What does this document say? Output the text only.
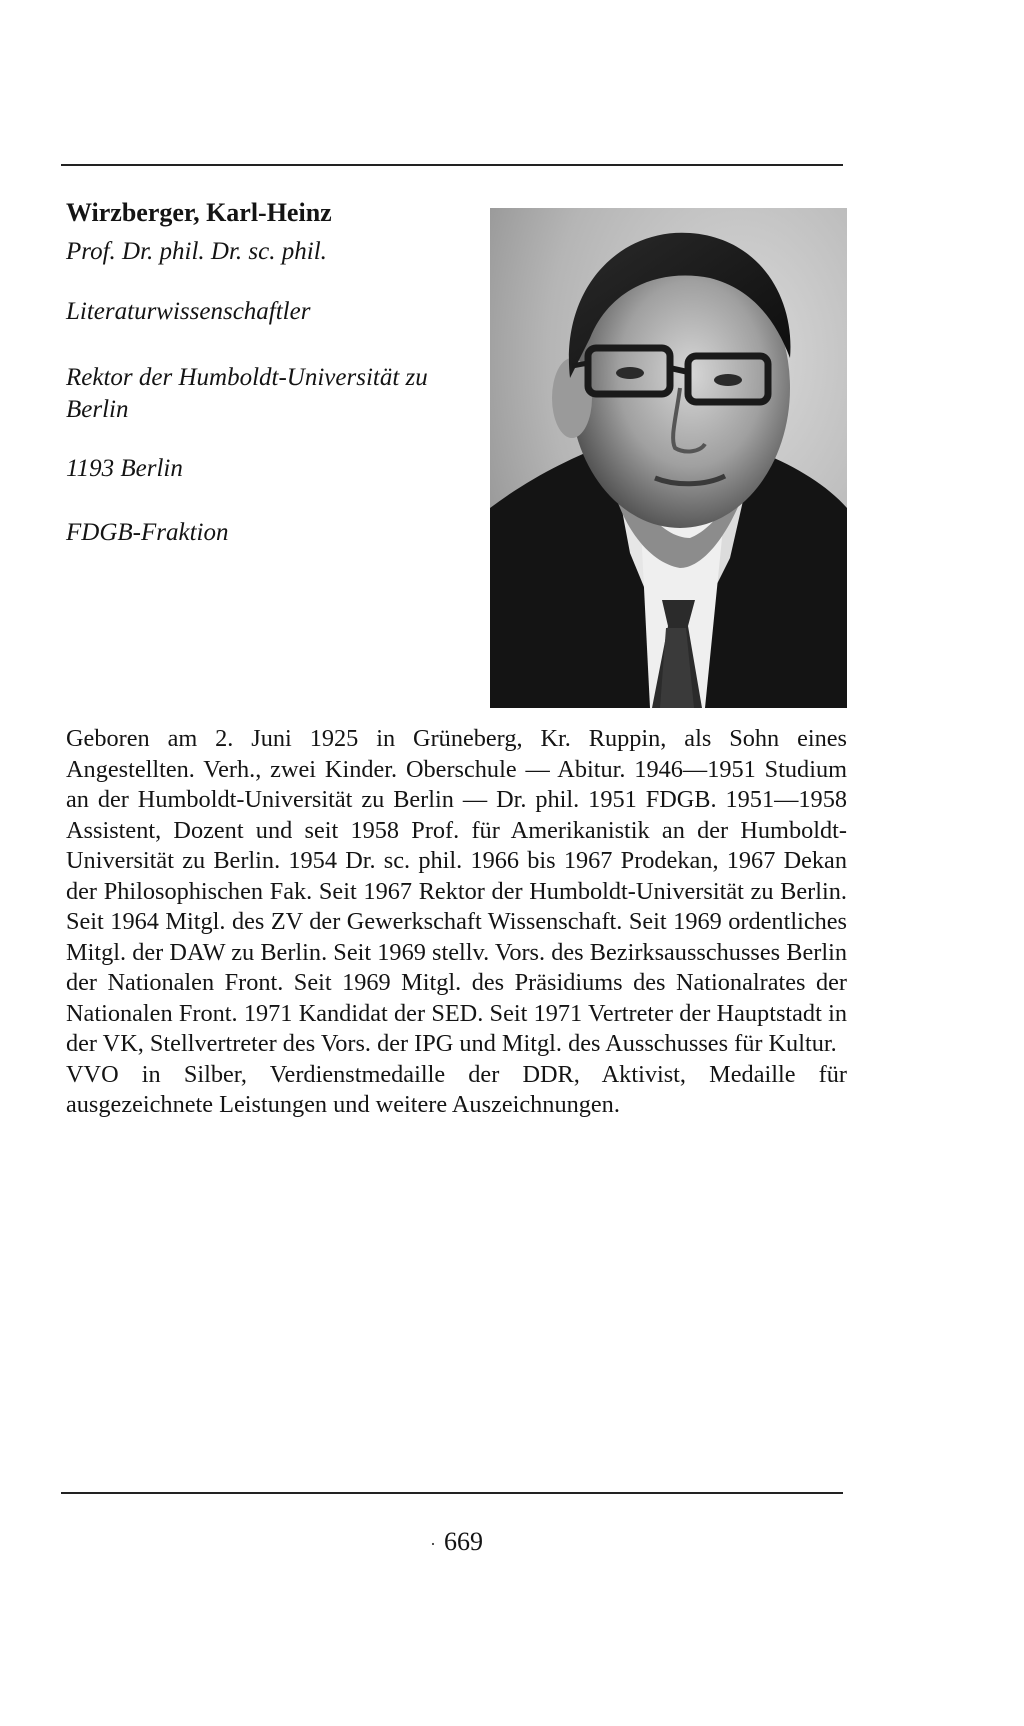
Wirzberger, Karl-Heinz
Prof. Dr. phil. Dr. sc. phil.
Literaturwissenschaftler
Rektor der Humboldt-Universität zu Berlin
1193 Berlin
FDGB-Fraktion

Geboren am 2. Juni 1925 in Grüneberg, Kr. Ruppin, als Sohn eines Angestellten. Verh., zwei Kinder. Oberschule — Abitur. 1946—1951 Studium an der Humboldt-Universität zu Berlin — Dr. phil. 1951 FDGB. 1951—1958 Assistent, Dozent und seit 1958 Prof. für Amerikanistik an der Humboldt-Universität zu Berlin. 1954 Dr. sc. phil. 1966 bis 1967 Prodekan, 1967 Dekan der Philosophischen Fak. Seit 1967 Rektor der Humboldt-Universität zu Berlin. Seit 1964 Mitgl. des ZV der Gewerkschaft Wissenschaft. Seit 1969 ordentliches Mitgl. der DAW zu Berlin. Seit 1969 stellv. Vors. des Bezirksausschusses Berlin der Nationalen Front. Seit 1969 Mitgl. des Präsidiums des Nationalrates der Nationalen Front. 1971 Kandidat der SED. Seit 1971 Vertreter der Hauptstadt in der VK, Stellvertreter des Vors. der IPG und Mitgl. des Ausschusses für Kultur.

VVO in Silber, Verdienstmedaille der DDR, Aktivist, Medaille für ausgezeichnete Leistungen und weitere Auszeichnungen.

· 669
